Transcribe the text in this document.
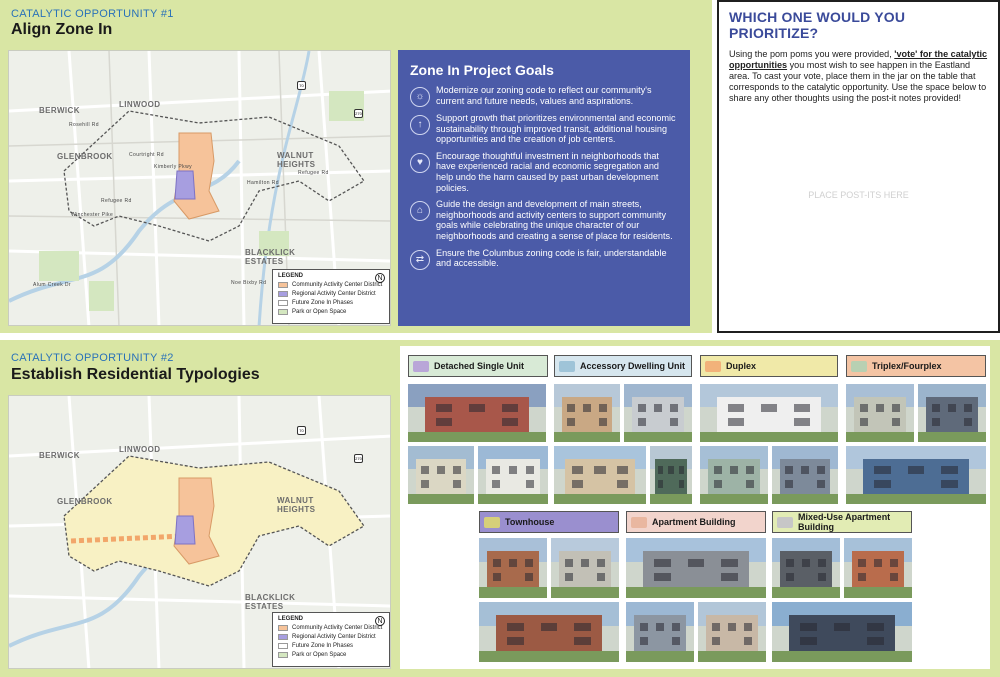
CATALYTIC OPPORTUNITY #1
Align Zone In
BERWICK
LINWOOD
GLENBROOK	WALNUT
HEIGHTS
BLACKLICK
ESTATES
Hamilton Rd
Refugee Rd
Refugee Rd
Courtright Rd
Kimberly Pkwy
Winchester Pike
Noe Bixby Rd
Alum Creek Dr
Rosehill Rd
70
270
N
LEGEND
Community Activity Center District
Regional Activity Center District
Future Zone In Phases
Park or Open Space
Zone In Project Goals
☼
Modernize our zoning code to reflect our community's current and future needs, values and aspirations.
↑
Support growth that prioritizes environmental and economic sustainability through improved transit, additional housing opportunities and the creation of job centers.
♥
Encourage thoughtful investment in neighborhoods that have experienced racial and economic segregation and help undo the harm caused by past urban development policies.
⌂
Guide the design and development of main streets, neighborhoods and activity centers to support community goals while celebrating the unique character of our neighborhoods and creating a sense of place for residents.
⇄
Ensure the Columbus zoning code is fair, understandable and accessible.
WHICH ONE WOULD YOU PRIORITIZE?

Using the pom poms you were provided, 'vote' for the catalytic opportunities you most wish to see happen in the Eastland area. To cast your vote, place them in the jar on the table that corresponds to the catalytic opportunity. Use the space below to share any other thoughts using the post-it notes provided!

PLACE POST-ITS HERE
CATALYTIC OPPORTUNITY #2
Establish Residential Typologies
BERWICK
LINWOOD
GLENBROOK	WALNUT
HEIGHTS
BLACKLICK
ESTATES
70
270
N
LEGEND
Community Activity Center District
Regional Activity Center District
Future Zone In Phases
Park or Open Space
Detached Single Unit	Accessory Dwelling Unit	Duplex	Triplex/Fourplex
Townhouse	Apartment Building	Mixed-Use Apartment
Building
